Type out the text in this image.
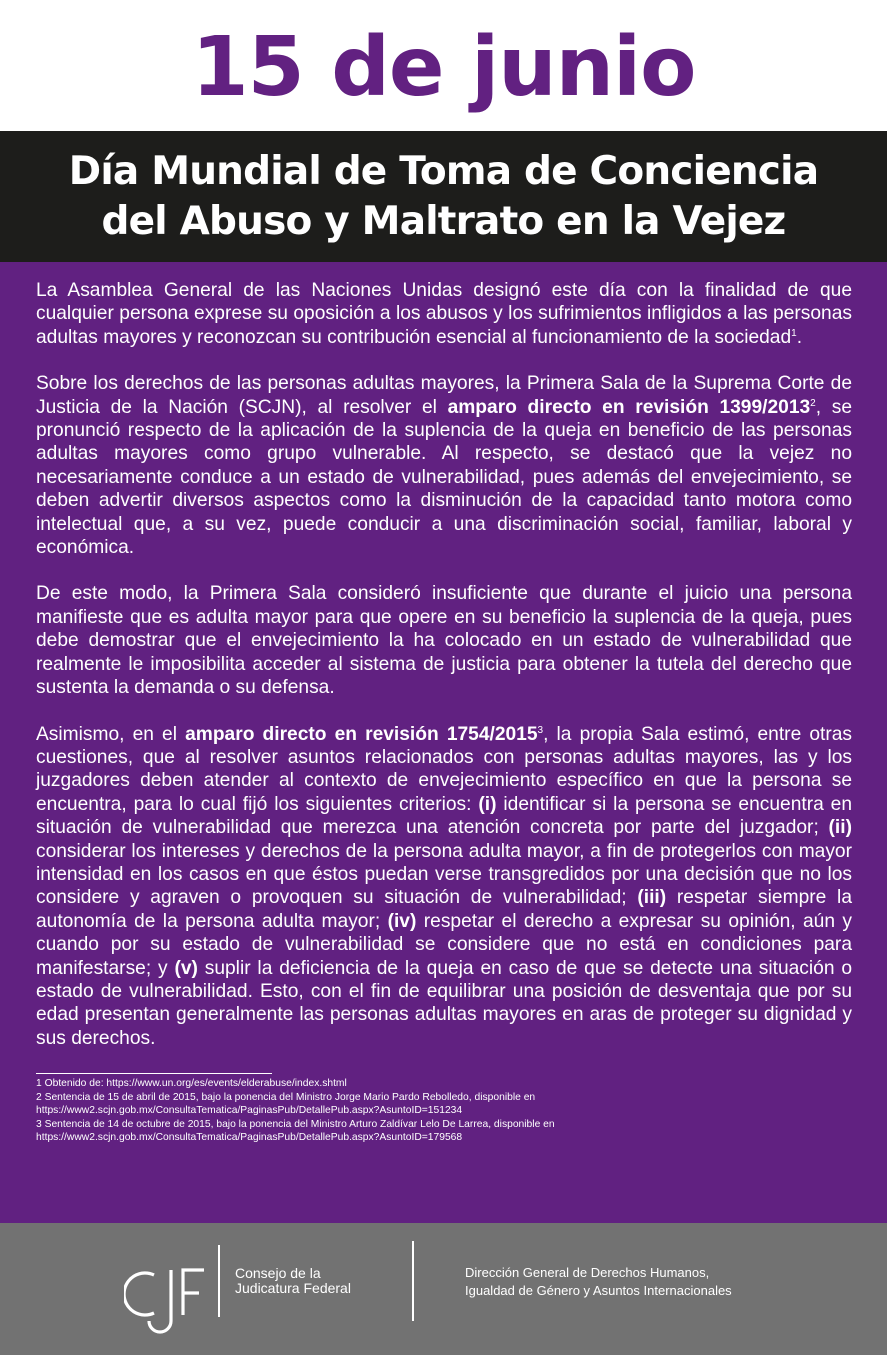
15 de junio
Día Mundial de Toma de Conciencia
del Abuso y Maltrato en la Vejez

La Asamblea General de las Naciones Unidas designó este día con la finalidad de que cualquier persona exprese su oposición a los abusos y los sufrimientos infligidos a las personas adultas mayores y reconozcan su contribución esencial al funcionamiento de la sociedad$^1$.

Sobre los derechos de las personas adultas mayores, la Primera Sala de la Suprema Corte de Justicia de la Nación (SCJN), al resolver el amparo directo en revisión 1399/2013$^2$, se pronunció respecto de la aplicación de la suplencia de la queja en beneficio de las personas adultas mayores como grupo vulnerable. Al respecto, se destacó que la vejez no necesariamente conduce a un estado de vulnerabilidad, pues además del envejecimiento, se deben advertir diversos aspectos como la disminución de la capacidad tanto motora como intelectual que, a su vez, puede conducir a una discriminación social, familiar, laboral y económica.

De este modo, la Primera Sala consideró insuficiente que durante el juicio una persona manifieste que es adulta mayor para que opere en su beneficio la suplencia de la queja, pues debe demostrar que el envejecimiento la ha colocado en un estado de vulnerabilidad que realmente le imposibilita acceder al sistema de justicia para obtener la tutela del derecho que sustenta la demanda o su defensa.

Asimismo, en el amparo directo en revisión 1754/2015$^3$, la propia Sala estimó, entre otras cuestiones, que al resolver asuntos relacionados con personas adultas mayores, las y los juzgadores deben atender al contexto de envejecimiento específico en que la persona se encuentra, para lo cual fijó los siguientes criterios: (i) identificar si la persona se encuentra en situación de vulnerabilidad que merezca una atención concreta por parte del juzgador; (ii) considerar los intereses y derechos de la persona adulta mayor, a fin de protegerlos con mayor intensidad en los casos en que éstos puedan verse transgredidos por una decisión que no los considere y agraven o provoquen su situación de vulnerabilidad; (iii) respetar siempre la autonomía de la persona adulta mayor; (iv) respetar el derecho a expresar su opinión, aún y cuando por su estado de vulnerabilidad se considere que no está en condiciones para manifestarse; y (v) suplir la deficiencia de la queja en caso de que se detecte una situación o estado de vulnerabilidad. Esto, con el fin de equilibrar una posición de desventaja que por su edad presentan generalmente las personas adultas mayores en aras de proteger su dignidad y sus derechos.

1 Obtenido de: https://www.un.org/es/events/elderabuse/index.shtml
2 Sentencia de 15 de abril de 2015, bajo la ponencia del Ministro Jorge Mario Pardo Rebolledo, disponible en
https://www2.scjn.gob.mx/ConsultaTematica/PaginasPub/DetallePub.aspx?AsuntoID=151234
3 Sentencia de 14 de octubre de 2015, bajo la ponencia del Ministro Arturo Zaldívar Lelo De Larrea, disponible en
https://www2.scjn.gob.mx/ConsultaTematica/PaginasPub/DetallePub.aspx?AsuntoID=179568
Consejo de la
Judicatura Federal
Dirección General de Derechos Humanos,
Igualdad de Género y Asuntos Internacionales
